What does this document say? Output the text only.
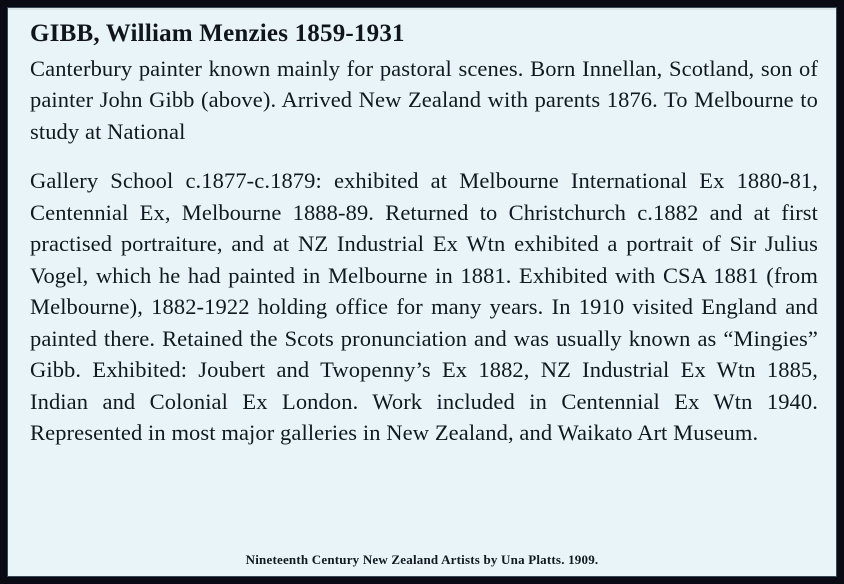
GIBB, William Menzies 1859-1931

Canterbury painter known mainly for pastoral scenes. Born Innellan, Scotland, son of painter John Gibb (above). Arrived New Zealand with parents 1876. To Melbourne to study at National

Gallery School c.1877-c.1879: exhibited at Melbourne International Ex 1880-81, Centennial Ex, Melbourne 1888-89. Returned to Christchurch c.1882 and at first practised portraiture, and at NZ Industrial Ex Wtn exhibited a portrait of Sir Julius Vogel, which he had painted in Melbourne in 1881. Exhibited with CSA 1881 (from Melbourne), 1882-1922 holding office for many years. In 1910 visited England and painted there. Retained the Scots pronunciation and was usually known as “Mingies” Gibb. Exhibited: Joubert and Twopenny’s Ex 1882, NZ Industrial Ex Wtn 1885, Indian and Colonial Ex London. Work included in Centennial Ex Wtn 1940. Represented in most major galleries in New Zealand, and Waikato Art Museum.

Nineteenth Century New Zealand Artists by Una Platts. 1909.
